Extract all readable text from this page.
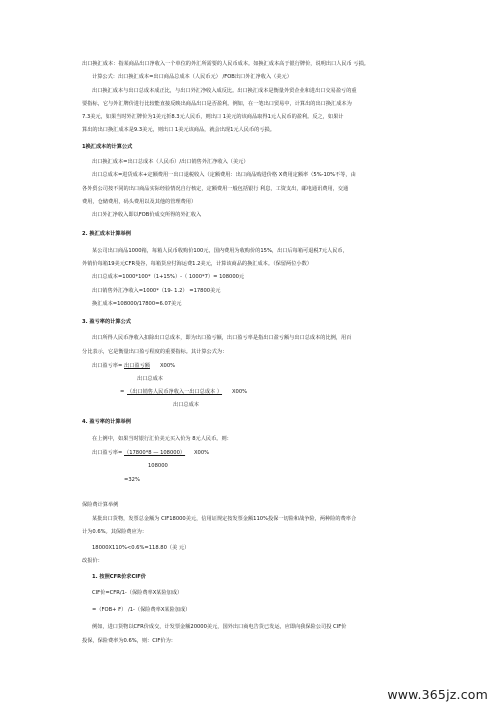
出口换汇成本：指某商品出口净收入一个单位的外汇所需要的人民币成本。如换汇成本高于银行牌价，说明出口人民币 亏损。
计算公式：出口换汇成本=出口商品总成本（人民币元） /FOB出口外汇净收入（美元）
出口换汇成本与出口总成本成正比，与出口外汇净收入成反比。出口换汇成本是衡量外贸企业和进出口交易盈亏的重
要指标，它与外汇牌价进行比较能直接反映出商品出口是否盈利。例如，在一笔出口贸易中，计算出的出口换汇成本为
7.3美元，如果当时外汇牌价为1美元折8.3元人民币，则出口 1美元的该商品取得1元人民币的盈利。反之，如果计
算出的出口换汇成本是9.3美元，则出口 1美元该商品，就会出现1元人民币的亏损。
1换汇成本的计算公式
出口换汇成本=出口总成本（人民币）/出口销售外汇净收入（美元）
出口总成本=进货成本+定额费用一出口退税收入（定额费用：出口商品购进价格 X费用定额率（5%-10%不等，由
各外贸公司按不同的出口商品实际经验情况自行核定，定额费用一般包括银行 利息，工资支出，邮电通讯费用，交通
费用，仓储费用，码头费用以及其他的管理费用）
出口外汇净收入即以FOB价成交所得的外汇收入
2. 换汇成本计算举例
某公司出口商品1000箱，每箱人民币收购价100元，国内费用为收购价的15%，出口后每箱可退税7元人民币，
外销价每箱19美元CFR曼谷，每箱货应付海运费1.2美元，计算该商品的换汇成本。（保留两位小数）
出口总成本=1000*100*（1+15%）-（ 1000*7）= 108000元
出口销售外汇净收入=1000*（19- 1.2） =17800美元
换汇成本=108000/17800=6.07美元
3. 盈亏率的计算公式
出口所得人民币净收入扣除出口总成本，即为出口盈亏额，出口盈亏率是指出口盈亏额与出口总成本的比例，用百
分比表示，它是衡量出口盈亏程度的重要指标。其计算公式为：
出口盈亏率= 出口盈亏额 X00%
出口总成本
= （出口销售人民币净收入一出口总成本 ） X00%
出口总成本
4. 盈亏率的计算举例
在上例中，如果当时银行汇价美元买入价为 8元人民币。则：
出口盈亏率= （17800*8 — 108000） X00%
108000
=32%
保险费计算举例
某批出口货物，发票总金额为 CIF18000美元，信用证规定按发票金额110%投保一切险和战争险，两种险的费率合
计为0.6%。其保险费应为：
18000X110%<0.6%=118.80（美 元）
改报价：
1. 按照CFR价求CIF价
CIF价=CFR/1-（保险费率X某险加成）
=（FOB+ F） /1-（保险费率X某险加成）
例如，进口货物以CFR价成交，计发票金额20000美元，国外出口商电告货已发运，应即向我保险公司投 CIF价
投保，保险费率为0.6%，则：CIF价为：
www.365jz.com
